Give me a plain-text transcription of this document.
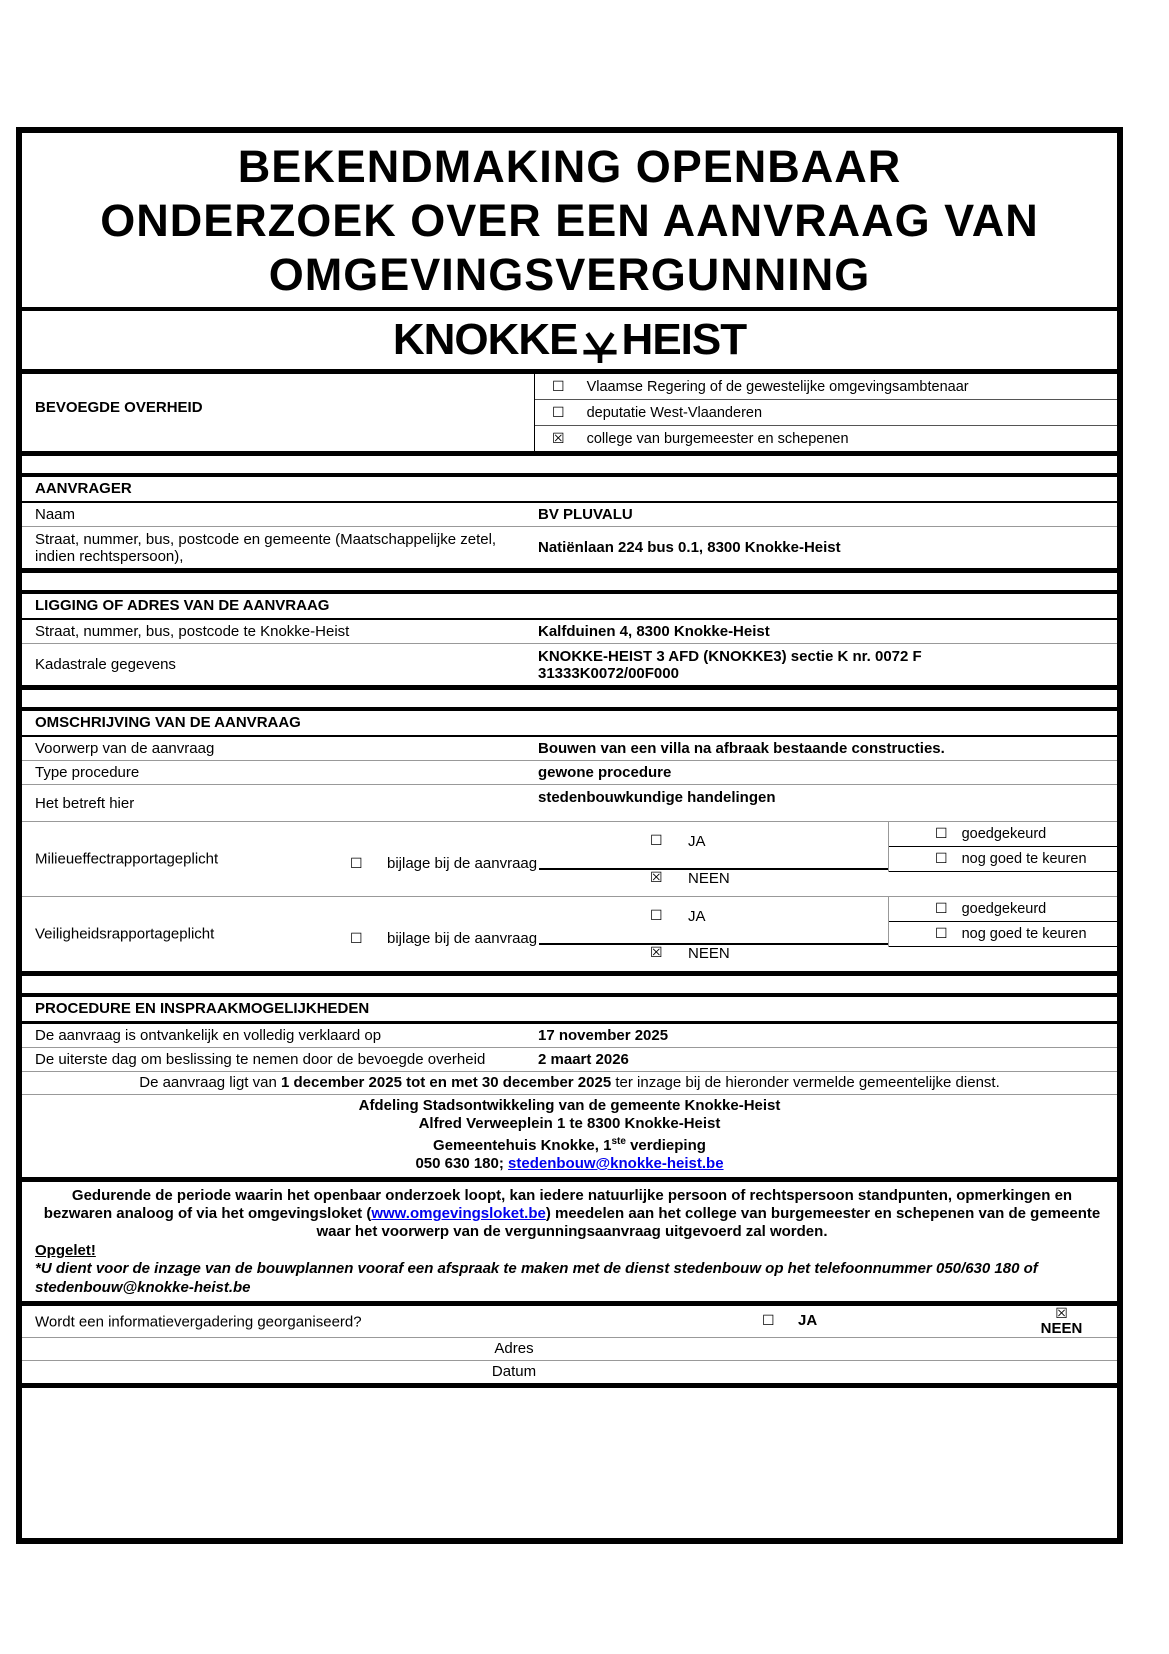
BEKENDMAKING OPENBAAR
ONDERZOEK OVER EEN AANVRAAG VAN
OMGEVINGSVERGUNNING
KNOKKE HEIST
BEVOEGDE OVERHEID
☐ Vlaamse Regering of de gewestelijke omgevingsambtenaar
☐ deputatie West-Vlaanderen
☒ college van burgemeester en schepenen
AANVRAGER
Naam	BV PLUVALU
Straat, nummer, bus, postcode en gemeente (Maatschappelijke zetel, indien rechtspersoon),	Natiënlaan 224 bus 0.1, 8300 Knokke-Heist
LIGGING OF ADRES VAN DE AANVRAAG
Straat, nummer, bus, postcode te Knokke-Heist	Kalfduinen 4, 8300 Knokke-Heist
Kadastrale gegevens	KNOKKE-HEIST 3 AFD (KNOKKE3) sectie K nr. 0072 F
31333K0072/00F000
OMSCHRIJVING VAN DE AANVRAAG
Voorwerp van de aanvraag	Bouwen van een villa na afbraak bestaande constructies.
Type procedure	gewone procedure
Het betreft hier	stedenbouwkundige handelingen
Milieueffectrapportageplicht	☐ bijlage bij de aanvraag
☐ JA
☒ NEEN
☐ goedgekeurd
☐ nog goed te keuren
Veiligheidsrapportageplicht	☐ bijlage bij de aanvraag
☐ JA
☒ NEEN
☐ goedgekeurd
☐ nog goed te keuren
PROCEDURE EN INSPRAAKMOGELIJKHEDEN
De aanvraag is ontvankelijk en volledig verklaard op	17 november 2025
De uiterste dag om beslissing te nemen door de bevoegde overheid	2 maart 2026
De aanvraag ligt van 1 december 2025 tot en met 30 december 2025 ter inzage bij de hieronder vermelde gemeentelijke dienst.
Afdeling Stadsontwikkeling van de gemeente Knokke-Heist
Alfred Verweeplein 1 te 8300 Knokke-Heist
Gemeentehuis Knokke, 1ste verdieping
050 630 180; stedenbouw@knokke-heist.be
Gedurende de periode waarin het openbaar onderzoek loopt, kan iedere natuurlijke persoon of rechtspersoon standpunten, opmerkingen en bezwaren analoog of via het omgevingsloket (www.omgevingsloket.be) meedelen aan het college van burgemeester en schepenen van de gemeente waar het voorwerp van de vergunningsaanvraag uitgevoerd zal worden.
Opgelet!
*U dient voor de inzage van de bouwplannen vooraf een afspraak te maken met de dienst stedenbouw op het telefoonnummer 050/630 180 of stedenbouw@knokke-heist.be
Wordt een informatievergadering georganiseerd?	☐ JA	☒
NEEN
Adres
Datum
